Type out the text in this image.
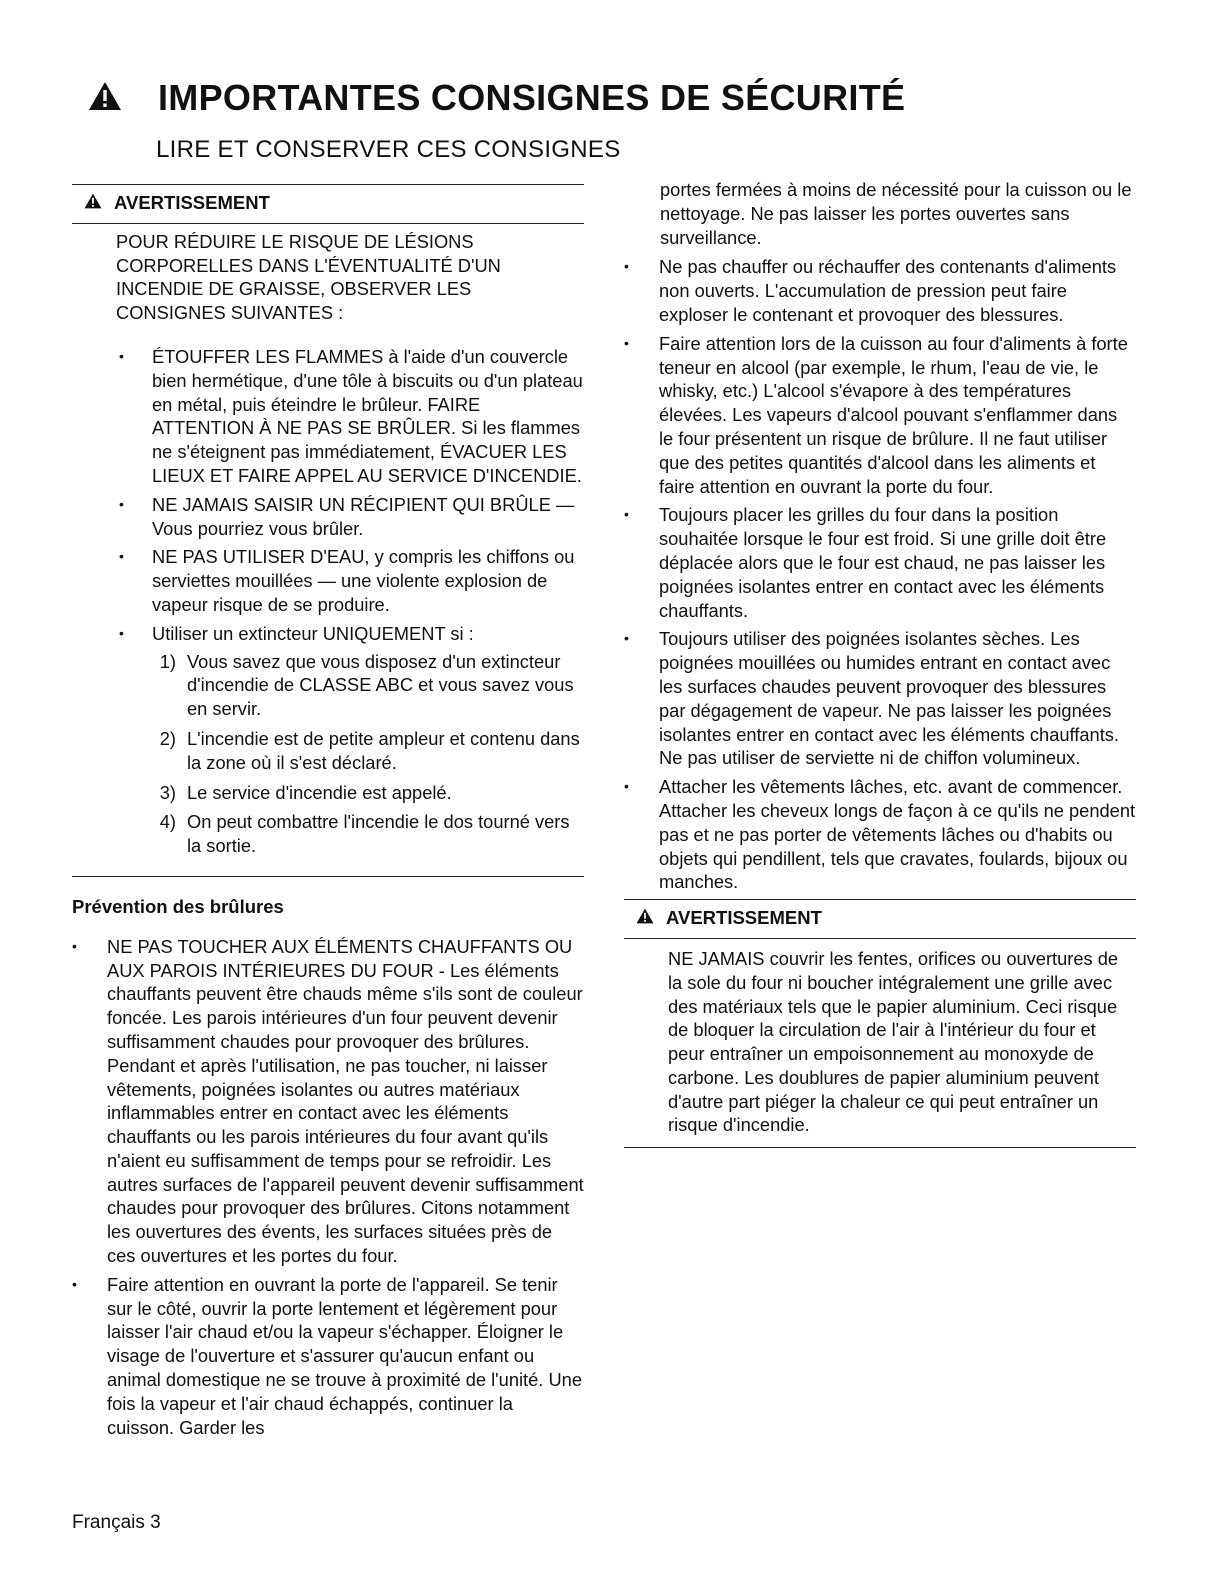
IMPORTANTES CONSIGNES DE SÉCURITÉ
LIRE ET CONSERVER CES CONSIGNES
AVERTISSEMENT
POUR RÉDUIRE LE RISQUE DE LÉSIONS CORPORELLES DANS L'ÉVENTUALITÉ D'UN INCENDIE DE GRAISSE, OBSERVER LES CONSIGNES SUIVANTES :
• ÉTOUFFER LES FLAMMES à l'aide d'un couvercle bien hermétique, d'une tôle à biscuits ou d'un plateau en métal, puis éteindre le brûleur. FAIRE ATTENTION À NE PAS SE BRÛLER. Si les flammes ne s'éteignent pas immédiatement, ÉVACUER LES LIEUX ET FAIRE APPEL AU SERVICE D'INCENDIE.
• NE JAMAIS SAISIR UN RÉCIPIENT QUI BRÛLE — Vous pourriez vous brûler.
• NE PAS UTILISER D'EAU, y compris les chiffons ou serviettes mouillées — une violente explosion de vapeur risque de se produire.
• Utiliser un extincteur UNIQUEMENT si :
1) Vous savez que vous disposez d'un extincteur d'incendie de CLASSE ABC et vous savez vous en servir.
2) L'incendie est de petite ampleur et contenu dans la zone où il s'est déclaré.
3) Le service d'incendie est appelé.
4) On peut combattre l'incendie le dos tourné vers la sortie.
Prévention des brûlures
• NE PAS TOUCHER AUX ÉLÉMENTS CHAUFFANTS OU AUX PAROIS INTÉRIEURES DU FOUR - Les éléments chauffants peuvent être chauds même s'ils sont de couleur foncée. Les parois intérieures d'un four peuvent devenir suffisamment chaudes pour provoquer des brûlures. Pendant et après l'utilisation, ne pas toucher, ni laisser vêtements, poignées isolantes ou autres matériaux inflammables entrer en contact avec les éléments chauffants ou les parois intérieures du four avant qu'ils n'aient eu suffisamment de temps pour se refroidir. Les autres surfaces de l'appareil peuvent devenir suffisamment chaudes pour provoquer des brûlures. Citons notamment les ouvertures des évents, les surfaces situées près de ces ouvertures et les portes du four.
• Faire attention en ouvrant la porte de l'appareil. Se tenir sur le côté, ouvrir la porte lentement et légèrement pour laisser l'air chaud et/ou la vapeur s'échapper. Éloigner le visage de l'ouverture et s'assurer qu'aucun enfant ou animal domestique ne se trouve à proximité de l'unité. Une fois la vapeur et l'air chaud échappés, continuer la cuisson. Garder les
portes fermées à moins de nécessité pour la cuisson ou le nettoyage. Ne pas laisser les portes ouvertes sans surveillance.
• Ne pas chauffer ou réchauffer des contenants d'aliments non ouverts. L'accumulation de pression peut faire exploser le contenant et provoquer des blessures.
• Faire attention lors de la cuisson au four d'aliments à forte teneur en alcool (par exemple, le rhum, l'eau de vie, le whisky, etc.) L'alcool s'évapore à des températures élevées. Les vapeurs d'alcool pouvant s'enflammer dans le four présentent un risque de brûlure. Il ne faut utiliser que des petites quantités d'alcool dans les aliments et faire attention en ouvrant la porte du four.
• Toujours placer les grilles du four dans la position souhaitée lorsque le four est froid. Si une grille doit être déplacée alors que le four est chaud, ne pas laisser les poignées isolantes entrer en contact avec les éléments chauffants.
• Toujours utiliser des poignées isolantes sèches. Les poignées mouillées ou humides entrant en contact avec les surfaces chaudes peuvent provoquer des blessures par dégagement de vapeur. Ne pas laisser les poignées isolantes entrer en contact avec les éléments chauffants. Ne pas utiliser de serviette ni de chiffon volumineux.
• Attacher les vêtements lâches, etc. avant de commencer. Attacher les cheveux longs de façon à ce qu'ils ne pendent pas et ne pas porter de vêtements lâches ou d'habits ou objets qui pendillent, tels que cravates, foulards, bijoux ou manches.
AVERTISSEMENT
NE JAMAIS couvrir les fentes, orifices ou ouvertures de la sole du four ni boucher intégralement une grille avec des matériaux tels que le papier aluminium. Ceci risque de bloquer la circulation de l'air à l'intérieur du four et peur entraîner un empoisonnement au monoxyde de carbone. Les doublures de papier aluminium peuvent d'autre part piéger la chaleur ce qui peut entraîner un risque d'incendie.
Français 3
